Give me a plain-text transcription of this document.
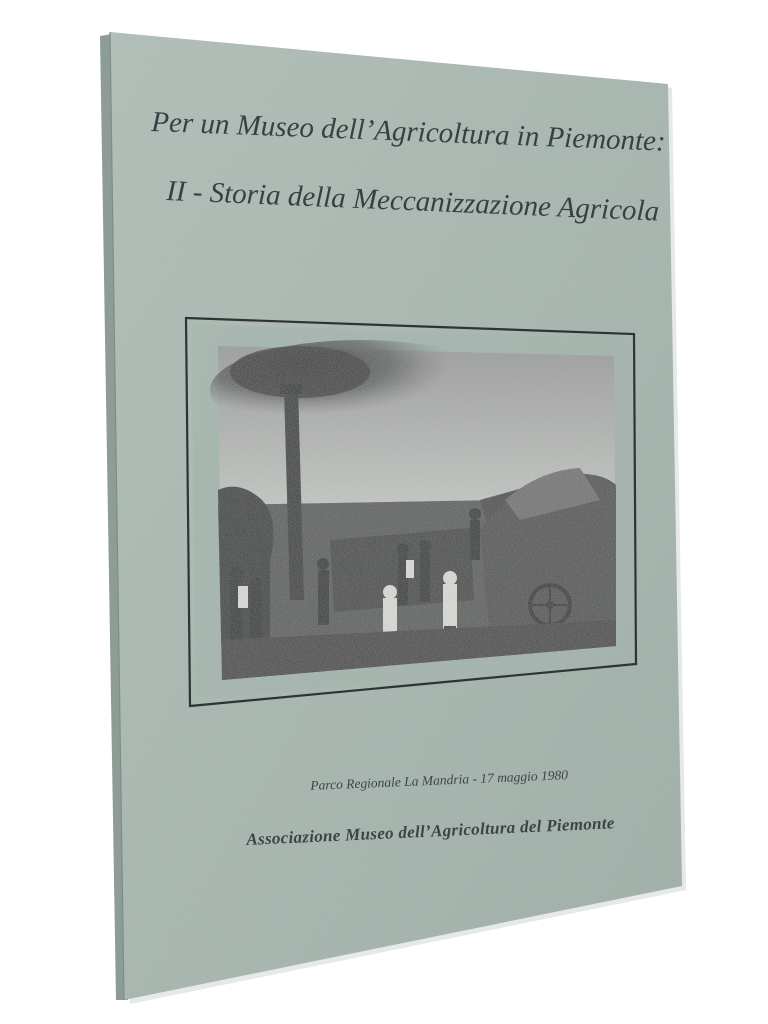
Per un Museo dell’Agricoltura in Piemonte:
II - Storia della Meccanizzazione Agricola
Parco Regionale La Mandria - 17 maggio 1980
Associazione Museo dell’Agricoltura del Piemonte
